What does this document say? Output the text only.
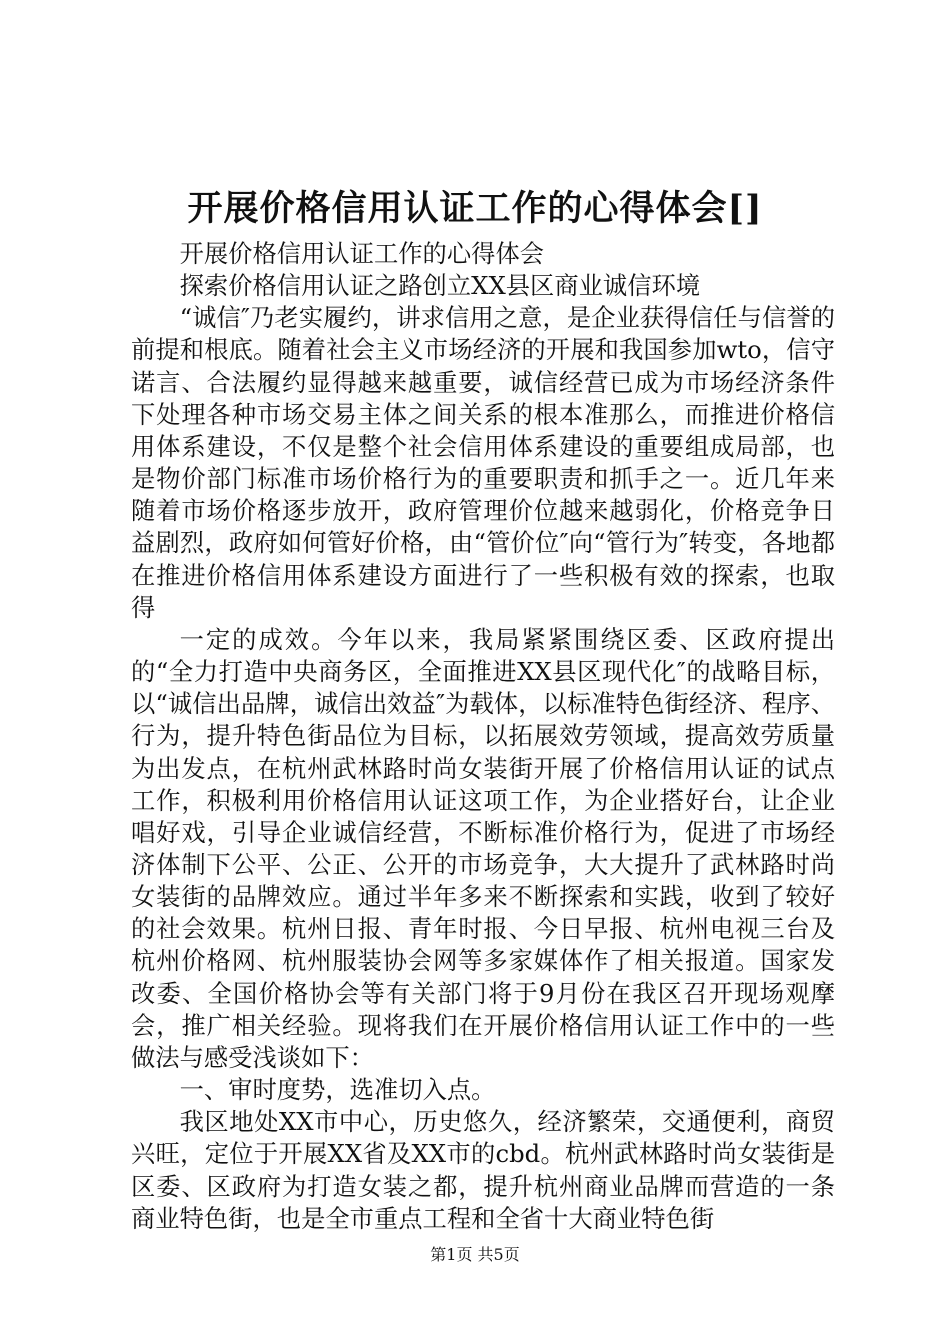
开展价格信用认证工作的心得体会[]

开展价格信用认证工作的心得体会

探索价格信用认证之路创立XX县区商业诚信环境

“诚信″乃老实履约，讲求信用之意，是企业获得信任与信誉的前提和根底。随着社会主义市场经济的开展和我国参加wto，信守诺言、合法履约显得越来越重要，诚信经营已成为市场经济条件下处理各种市场交易主体之间关系的根本准那么，而推进价格信用体系建设，不仅是整个社会信用体系建设的重要组成局部，也是物价部门标准市场价格行为的重要职责和抓手之一。近几年来随着市场价格逐步放开，政府管理价位越来越弱化，价格竞争日益剧烈，政府如何管好价格，由“管价位″向“管行为″转变，各地都在推进价格信用体系建设方面进行了一些积极有效的探索，也取得

一定的成效。今年以来，我局紧紧围绕区委、区政府提出的“全力打造中央商务区，全面推进XX县区现代化″的战略目标，以“诚信出品牌，诚信出效益″为载体，以标准特色街经济、程序、行为，提升特色街品位为目标，以拓展效劳领域，提高效劳质量为出发点，在杭州武林路时尚女装街开展了价格信用认证的试点工作，积极利用价格信用认证这项工作，为企业搭好台，让企业唱好戏，引导企业诚信经营，不断标准价格行为，促进了市场经济体制下公平、公正、公开的市场竞争，大大提升了武林路时尚女装街的品牌效应。通过半年多来不断探索和实践，收到了较好的社会效果。杭州日报、青年时报、今日早报、杭州电视三台及杭州价格网、杭州服装协会网等多家媒体作了相关报道。国家发改委、全国价格协会等有关部门将于9月份在我区召开现场观摩会，推广相关经验。现将我们在开展价格信用认证工作中的一些做法与感受浅谈如下：

一、审时度势，选准切入点。

我区地处XX市中心，历史悠久，经济繁荣，交通便利，商贸兴旺，定位于开展XX省及XX市的cbd。杭州武林路时尚女装街是区委、区政府为打造女装之都，提升杭州商业品牌而营造的一条商业特色街，也是全市重点工程和全省十大商业特色街

第1页 共5页
